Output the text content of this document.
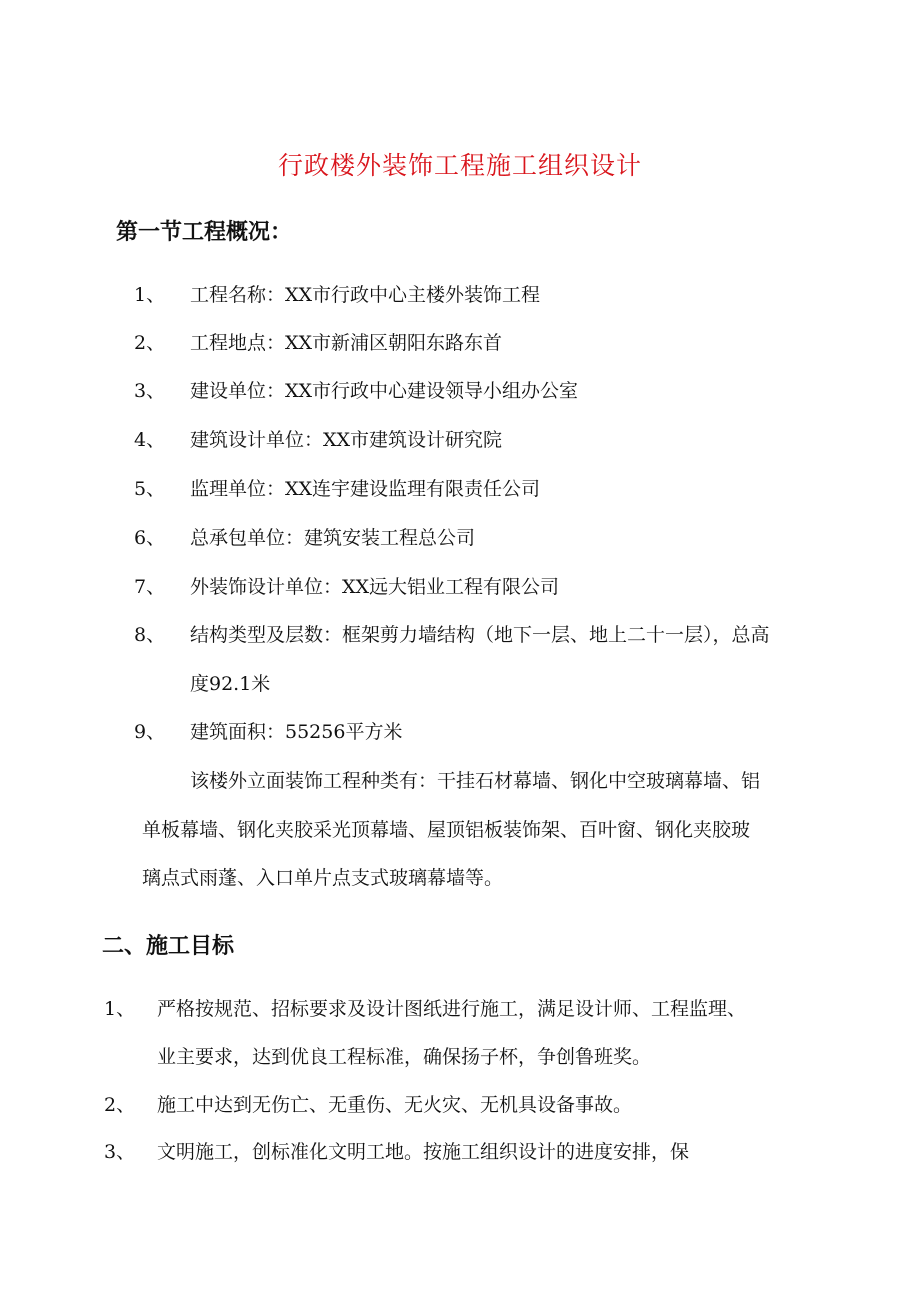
行政楼外装饰工程施工组织设计
第一节工程概况：
1、 工程名称：XX市行政中心主楼外装饰工程
2、 工程地点：XX市新浦区朝阳东路东首
3、 建设单位：XX市行政中心建设领导小组办公室
4、 建筑设计单位：XX市建筑设计研究院
5、 监理单位：XX连宇建设监理有限责任公司
6、 总承包单位：建筑安装工程总公司
7、 外装饰设计单位：XX远大铝业工程有限公司
8、 结构类型及层数：框架剪力墙结构（地下一层、地上二十一层），总高
度92.1米
9、 建筑面积：55256平方米
该楼外立面装饰工程种类有：干挂石材幕墙、钢化中空玻璃幕墙、铝
单板幕墙、钢化夹胶采光顶幕墙、屋顶铝板装饰架、百叶窗、钢化夹胶玻
璃点式雨蓬、入口单片点支式玻璃幕墙等。
二、施工目标
1、 严格按规范、招标要求及设计图纸进行施工，满足设计师、工程监理、
业主要求，达到优良工程标准，确保扬子杯，争创鲁班奖。
2、 施工中达到无伤亡、无重伤、无火灾、无机具设备事故。
3、 文明施工，创标准化文明工地。按施工组织设计的进度安排，保
